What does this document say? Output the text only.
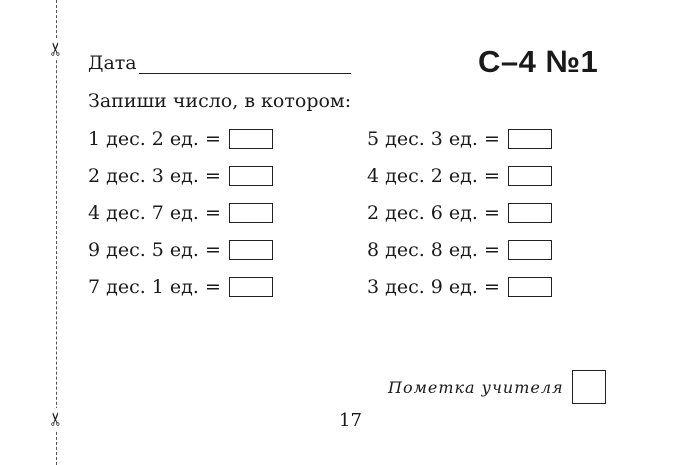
✂
✂
Дата	С–4 №1
Запиши число, в котором:
1 дес. 2 ед. =
2 дес. 3 ед. =
4 дес. 7 ед. =
9 дес. 5 ед. =
7 дес. 1 ед. =
5 дес. 3 ед. =
4 дес. 2 ед. =
2 дес. 6 ед. =
8 дес. 8 ед. =
3 дес. 9 ед. =
Пометка учителя
17
